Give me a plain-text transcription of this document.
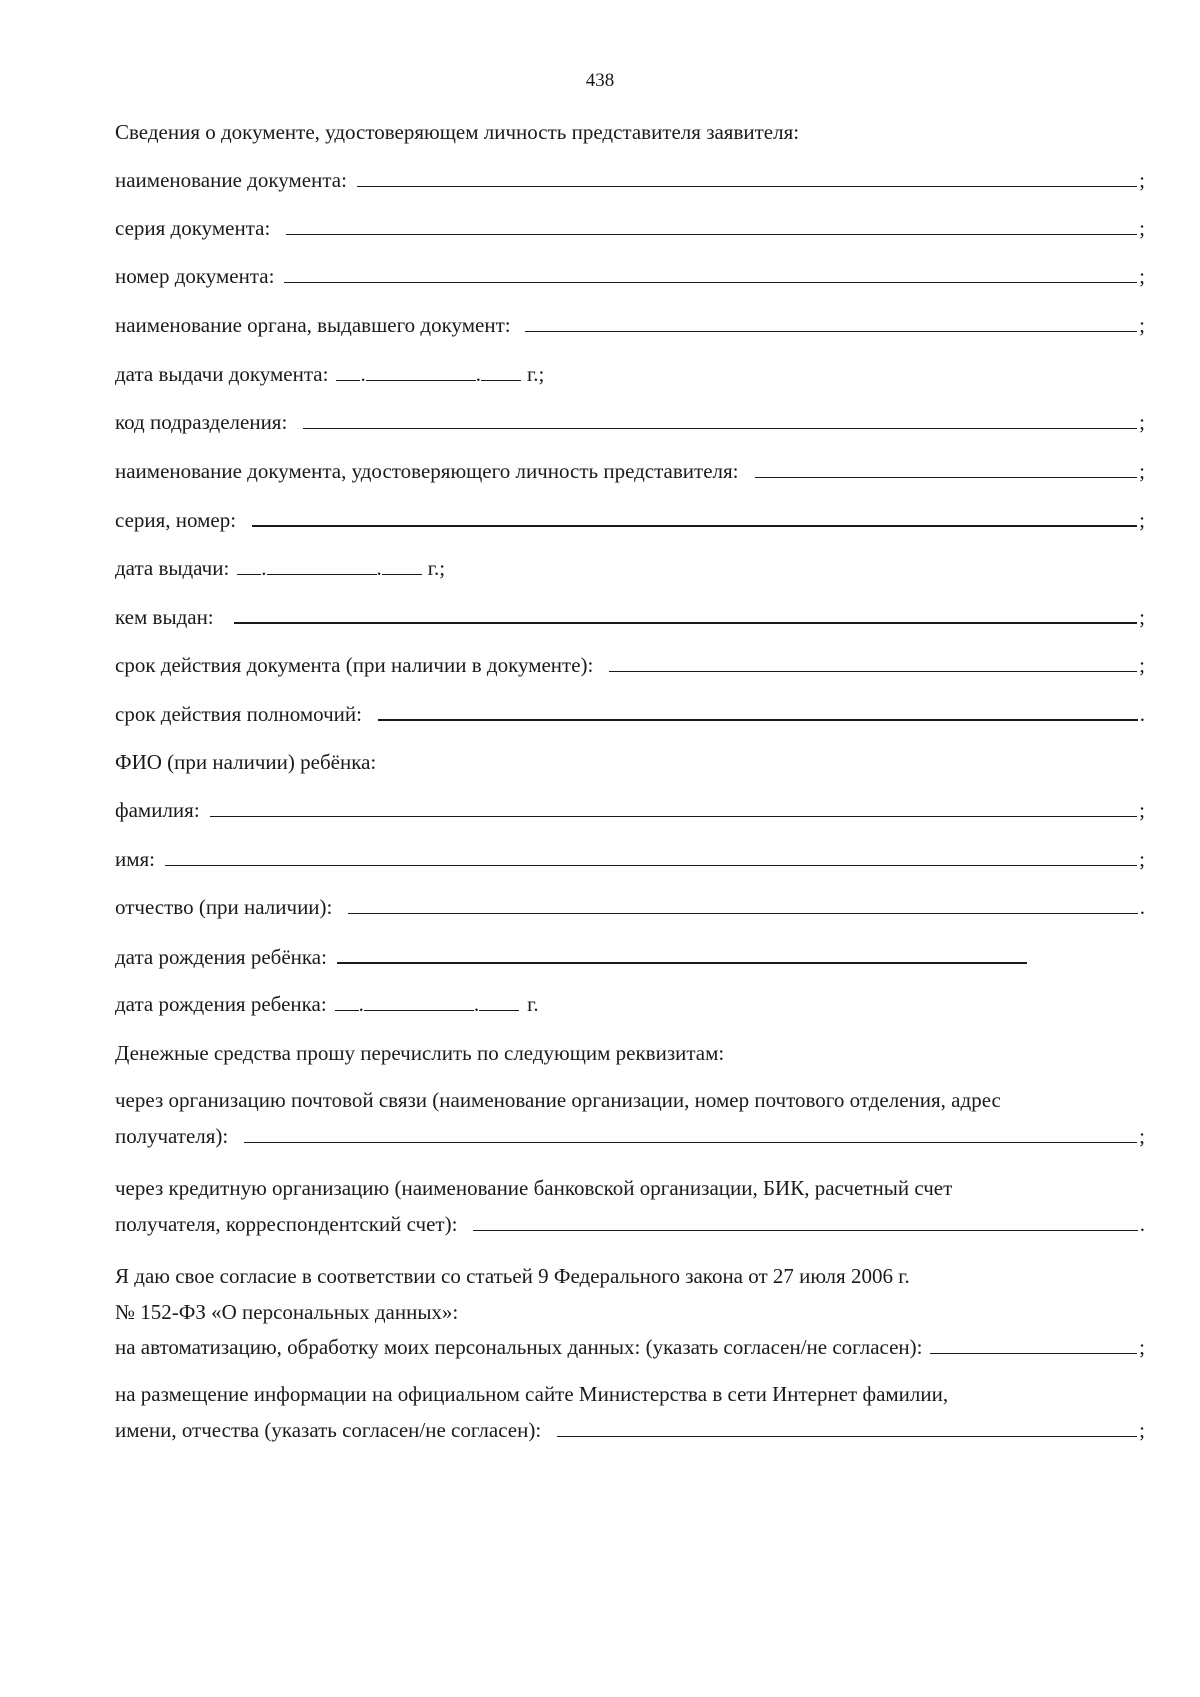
438
Сведения о документе, удостоверяющем личность представителя заявителя:
наименование документа:	;
серия документа:	;
номер документа:	;
наименование органа, выдавшего документ:	;
дата выдачи документа: .	. г.;
код подразделения:	;
наименование документа, удостоверяющего личность представителя:	;
серия, номер:	;
дата выдачи: .	. г.;
кем выдан:	;
срок действия документа (при наличии в документе):	;
срок действия полномочий:	.
ФИО (при наличии) ребёнка:
фамилия:	;
имя:	;
отчество (при наличии):	.
дата рождения ребёнка:
дата рождения ребенка: .	. г.
Денежные средства прошу перечислить по следующим реквизитам:
через организацию почтовой связи (наименование организации, номер почтового отделения, адрес
получателя):	;
через кредитную организацию (наименование банковской организации, БИК, расчетный счет
получателя, корреспондентский счет):	.
Я даю свое согласие в соответствии со статьей 9 Федерального закона от 27 июля 2006 г.
№ 152-ФЗ «О персональных данных»:
на автоматизацию, обработку моих персональных данных: (указать согласен/не согласен):	;
на размещение информации на официальном сайте Министерства в сети Интернет фамилии,
имени, отчества (указать согласен/не согласен):	;
